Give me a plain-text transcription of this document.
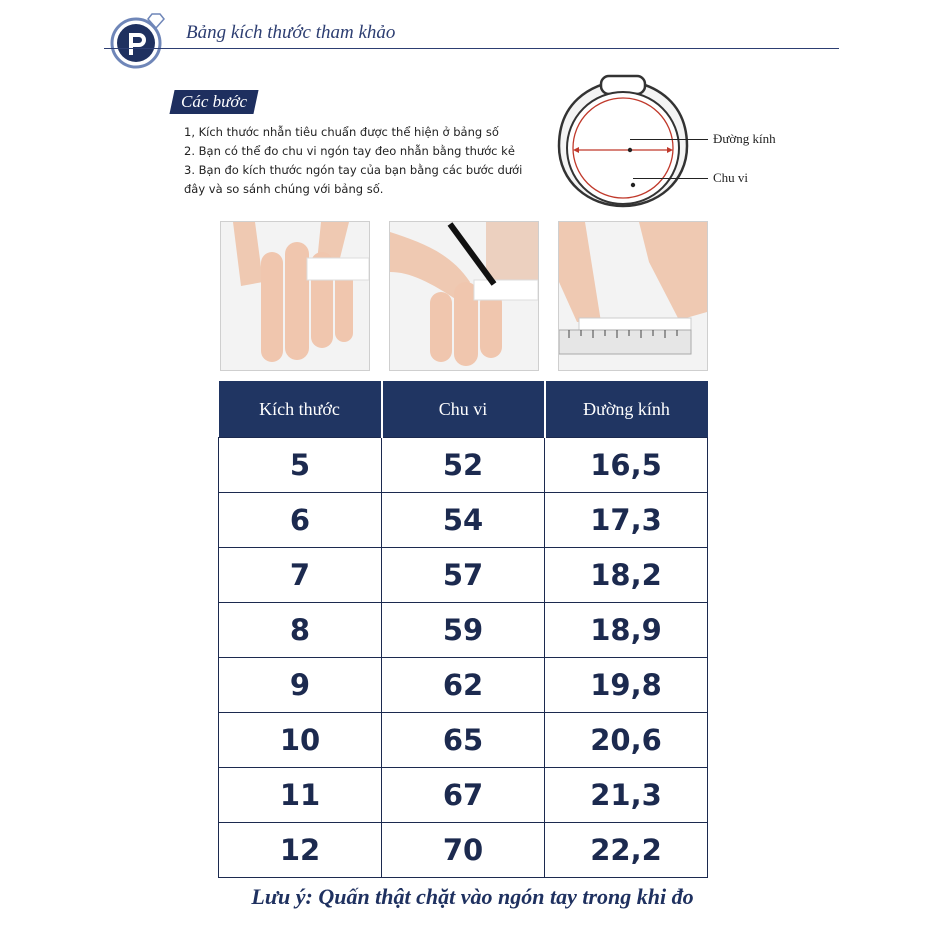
Bảng kích thước tham khảo
Các bước
1, Kích thước nhẫn tiêu chuẩn được thể hiện ở bảng số
2. Bạn có thể đo chu vi ngón tay đeo nhẫn bằng thước kẻ
3. Bạn đo kích thước ngón tay của bạn bằng các bước dưới
đây và so sánh chúng với bảng số.
Đường kính
Chu vi
Kích thước	Chu vi	Đường kính
5	52	16,5
6	54	17,3
7	57	18,2
8	59	18,9
9	62	19,8
10	65	20,6
11	67	21,3
12	70	22,2
Lưu ý: Quấn thật chặt vào ngón tay trong khi đo
